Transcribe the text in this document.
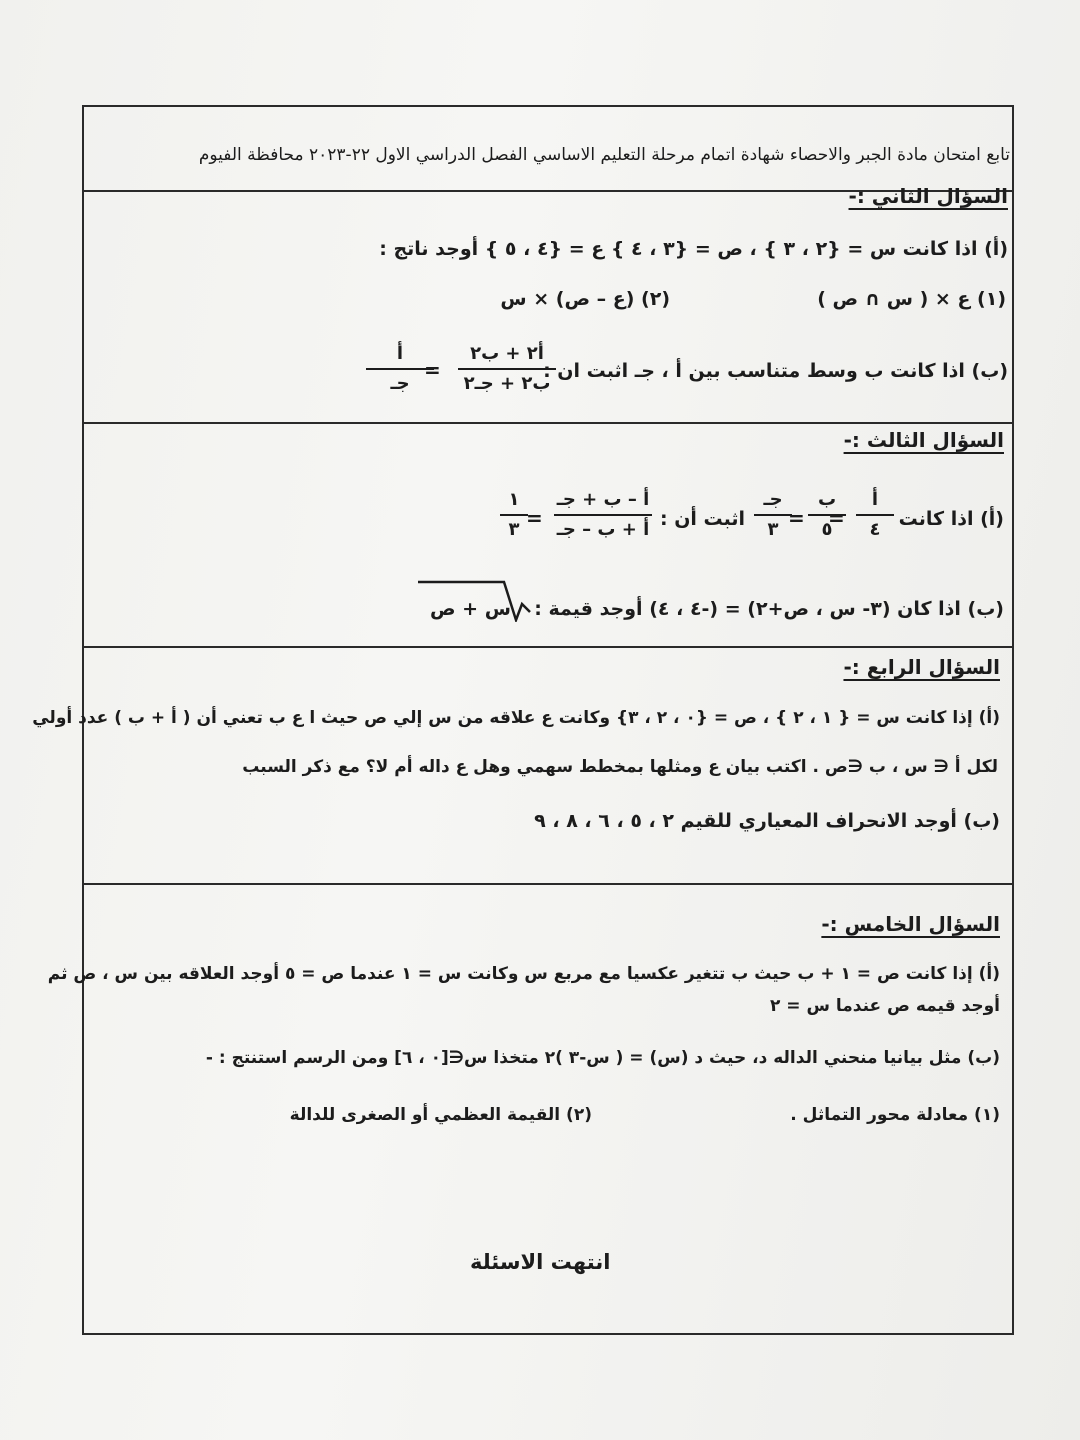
تابع امتحان مادة الجبر والاحصاء شهادة اتمام مرحلة التعليم الاساسي الفصل الدراسي الاول ٢٢-٢٠٢٣ محافظة الفيوم
السؤال الثاني :-
(أ) اذا كانت س = {٢ ، ٣ } ، ص = {٣ ، ٤ } ع = {٤ ، ٥ } أوجد ناتج :
(١) ع × ( س ∩ ص )
(٢) (ع – ص) × س
(ب) اذا كانت ب وسط متناسب بين أ ، جـ اثبت ان :
أ٢ + ب٢
ب٢ + جـ٢
=
أ
جـ
السؤال الثالث :-
(أ) اذا كانت
أ
٤
=
ب
٥
=
جـ
٣
اثبت أن :
أ – ب + جـ
أ + ب – جـ
=
١
٣
(ب) اذا كان (٣- س ، ص+٢) = (-٤ ، ٤) أوجد قيمة :
س + ص
السؤال الرابع :-
(أ) إذا كانت س = { ١ ، ٢ } ، ص = {٠ ، ٢ ، ٣} وكانت ع علاقه من س إلي ص حيث ا ع ب تعني أن ( أ + ب ) عدد أولي
لكل أ ∈ س ، ب ∈ص . اكتب بيان ع ومثلها بمخطط سهمي وهل ع داله أم لا؟ مع ذكر السبب
(ب) أوجد الانحراف المعياري للقيم ٢ ، ٥ ، ٦ ، ٨ ، ٩
السؤال الخامس :-
(أ) إذا كانت ص = ١ + ب حيث ب تتغير عكسيا مع مربع س وكانت س = ١ عندما ص = ٥ أوجد العلاقه بين س ، ص ثم
أوجد قيمه ص عندما س = ٢
(ب) مثل بيانيا منحني الداله د، حيث د (س) = ( س-٣ )٢ متخذا س∈[٠ ، ٦] ومن الرسم استنتج : -
(١) معادلة محور التماثل .
(٢) القيمة العظمي أو الصغرى للدالة
انتهت الاسئلة
